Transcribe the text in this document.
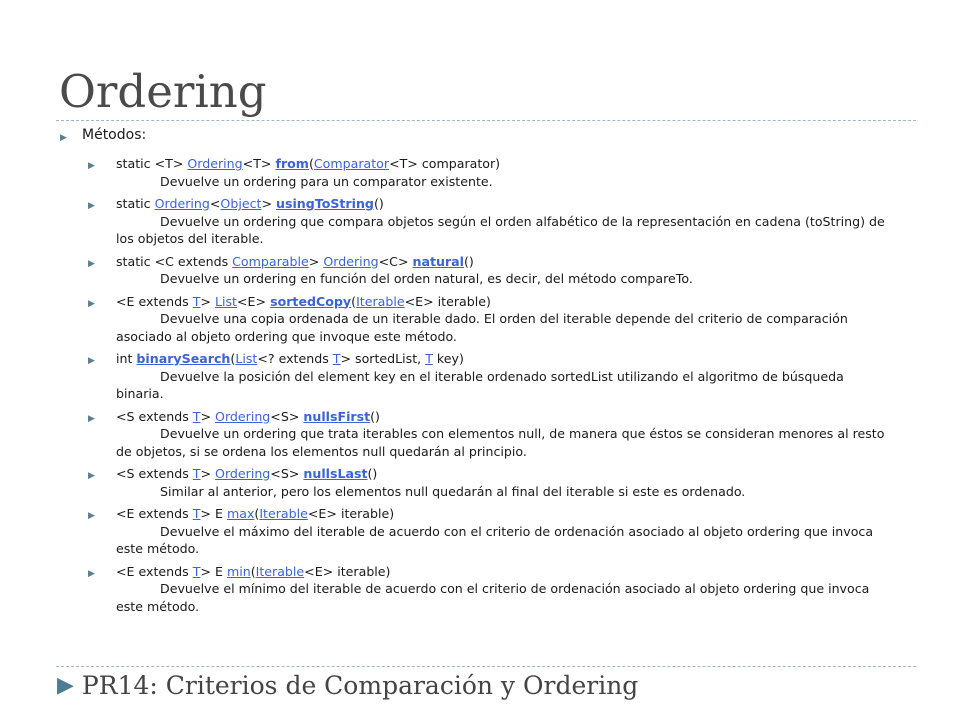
Ordering
▶ Métodos:
▶ static <T> Ordering<T> from(Comparator<T> comparator)
Devuelve un ordering para un comparator existente.
▶ static Ordering<Object> usingToString()
Devuelve un ordering que compara objetos según el orden alfabético de la representación en cadena (toString) de los objetos del iterable.
▶ static <C extends Comparable> Ordering<C> natural()
Devuelve un ordering en función del orden natural, es decir, del método compareTo.
▶ <E extends T> List<E> sortedCopy(Iterable<E> iterable)
Devuelve una copia ordenada de un iterable dado. El orden del iterable depende del criterio de comparación asociado al objeto ordering que invoque este método.
▶ int binarySearch(List<? extends T> sortedList, T key)
Devuelve la posición del element key en el iterable ordenado sortedList utilizando el algoritmo de búsqueda binaria.
▶ <S extends T> Ordering<S> nullsFirst()
Devuelve un ordering que trata iterables con elementos null, de manera que éstos se consideran menores al resto de objetos, si se ordena los elementos null quedarán al principio.
▶ <S extends T> Ordering<S> nullsLast()
Similar al anterior, pero los elementos null quedarán al final del iterable si este es ordenado.
▶ <E extends T> E max(Iterable<E> iterable)
Devuelve el máximo del iterable de acuerdo con el criterio de ordenación asociado al objeto ordering que invoca este método.
▶ <E extends T> E min(Iterable<E> iterable)
Devuelve el mínimo del iterable de acuerdo con el criterio de ordenación asociado al objeto ordering que invoca este método.
▶ PR14: Criterios de Comparación y Ordering
